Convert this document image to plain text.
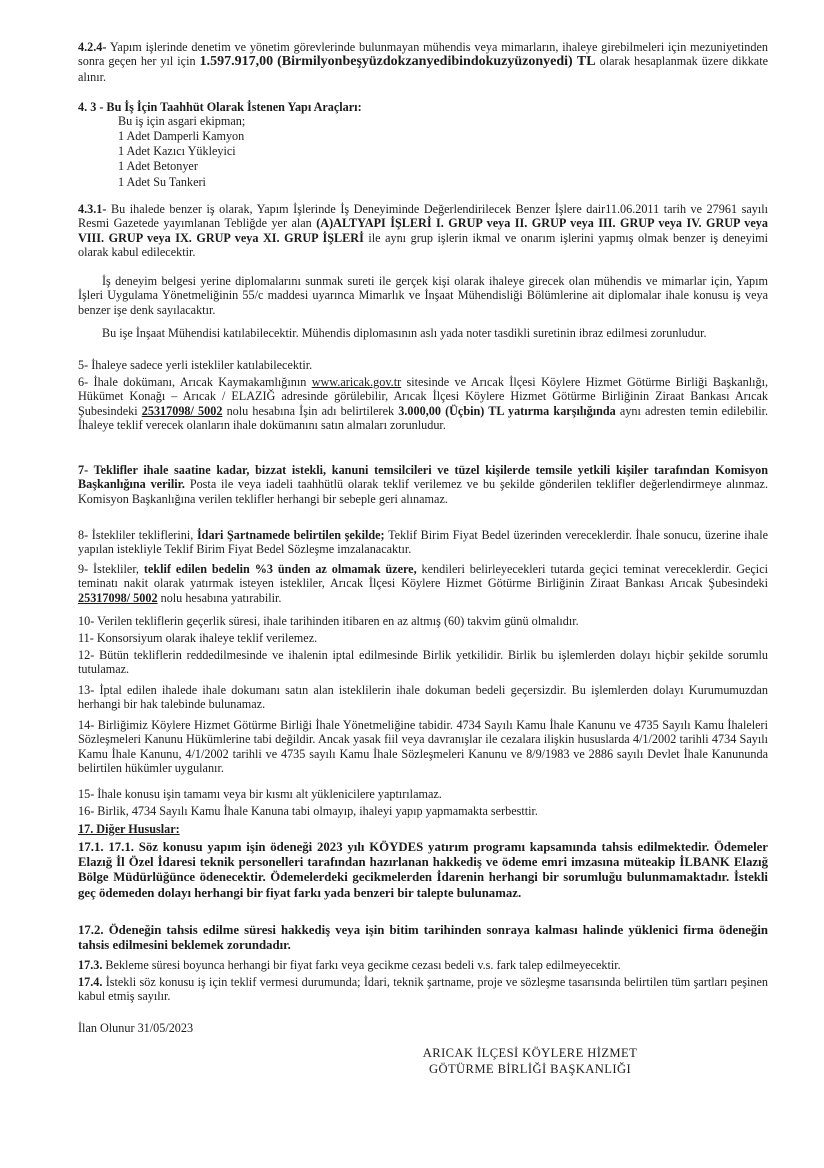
4.2.4- Yapım işlerinde denetim ve yönetim görevlerinde bulunmayan mühendis veya mimarların, ihaleye girebilmeleri için mezuniyetinden sonra geçen her yıl için 1.597.917,00 (Birmilyonbeşyüzdokzanyedibindokuzyüzonyedi) TL olarak hesaplanmak üzere dikkate alınır.
4. 3 - Bu İş İçin Taahhüt Olarak İstenen Yapı Araçları:
Bu iş için asgari ekipman;
1 Adet Damperli Kamyon
1 Adet Kazıcı Yükleyici
1 Adet Betonyer
1 Adet Su Tankeri
4.3.1- Bu ihalede benzer iş olarak, Yapım İşlerinde İş Deneyiminde Değerlendirilecek Benzer İşlere dair11.06.2011 tarih ve 27961 sayılı Resmi Gazetede yayımlanan Tebliğde yer alan (A)ALTYAPI İŞLERİ I. GRUP veya II. GRUP veya III. GRUP veya IV. GRUP veya VIII. GRUP veya IX. GRUP veya XI. GRUP İŞLERİ ile aynı grup işlerin ikmal ve onarım işlerini yapmış olmak benzer iş deneyimi olarak kabul edilecektir.
İş deneyim belgesi yerine diplomalarını sunmak sureti ile gerçek kişi olarak ihaleye girecek olan mühendis ve mimarlar için, Yapım İşleri Uygulama Yönetmeliğinin 55/c maddesi uyarınca Mimarlık ve İnşaat Mühendisliği Bölümlerine ait diplomalar ihale konusu iş veya benzer işe denk sayılacaktır.
Bu işe İnşaat Mühendisi katılabilecektir. Mühendis diplomasının aslı yada noter tasdikli suretinin ibraz edilmesi zorunludur.
5- İhaleye sadece yerli istekliler katılabilecektir.
6- İhale dokümanı, Arıcak Kaymakamlığının www.aricak.gov.tr sitesinde ve Arıcak İlçesi Köylere Hizmet Götürme Birliği Başkanlığı, Hükümet Konağı – Arıcak / ELAZIĞ adresinde görülebilir, Arıcak İlçesi Köylere Hizmet Götürme Birliğinin Ziraat Bankası Arıcak Şubesindeki 25317098/ 5002 nolu hesabına İşin adı belirtilerek 3.000,00 (Üçbin) TL yatırma karşılığında aynı adresten temin edilebilir. İhaleye teklif verecek olanların ihale dokümanını satın almaları zorunludur.
7- Teklifler ihale saatine kadar, bizzat istekli, kanuni temsilcileri ve tüzel kişilerde temsile yetkili kişiler tarafından Komisyon Başkanlığına verilir. Posta ile veya iadeli taahhütlü olarak teklif verilemez ve bu şekilde gönderilen teklifler değerlendirmeye alınmaz. Komisyon Başkanlığına verilen teklifler herhangi bir sebeple geri alınamaz.
8- İstekliler tekliflerini, İdari Şartnamede belirtilen şekilde; Teklif Birim Fiyat Bedel üzerinden vereceklerdir. İhale sonucu, üzerine ihale yapılan istekliyle Teklif Birim Fiyat Bedel Sözleşme imzalanacaktır.
9- İstekliler, teklif edilen bedelin %3 ünden az olmamak üzere, kendileri belirleyecekleri tutarda geçici teminat vereceklerdir. Geçici teminatı nakit olarak yatırmak isteyen istekliler, Arıcak İlçesi Köylere Hizmet Götürme Birliğinin Ziraat Bankası Arıcak Şubesindeki 25317098/ 5002 nolu hesabına yatırabilir.
10- Verilen tekliflerin geçerlik süresi, ihale tarihinden itibaren en az altmış (60) takvim günü olmalıdır.
11- Konsorsiyum olarak ihaleye teklif verilemez.
12- Bütün tekliflerin reddedilmesinde ve ihalenin iptal edilmesinde Birlik yetkilidir. Birlik bu işlemlerden dolayı hiçbir şekilde sorumlu tutulamaz.
13- İptal edilen ihalede ihale dokumanı satın alan isteklilerin ihale dokuman bedeli geçersizdir. Bu işlemlerden dolayı Kurumumuzdan herhangi bir hak talebinde bulunamaz.
14- Birliğimiz Köylere Hizmet Götürme Birliği İhale Yönetmeliğine tabidir. 4734 Sayılı Kamu İhale Kanunu ve 4735 Sayılı Kamu İhaleleri Sözleşmeleri Kanunu Hükümlerine tabi değildir. Ancak yasak fiil veya davranışlar ile cezalara ilişkin hususlarda 4/1/2002 tarihli 4734 Sayılı Kamu İhale Kanunu, 4/1/2002 tarihli ve 4735 sayılı Kamu İhale Sözleşmeleri Kanunu ve 8/9/1983 ve 2886 sayılı Devlet İhale Kanununda belirtilen hükümler uygulanır.
15- İhale konusu işin tamamı veya bir kısmı alt yüklenicilere yaptırılamaz.
16- Birlik, 4734 Sayılı Kamu İhale Kanuna tabi olmayıp, ihaleyi yapıp yapmamakta serbesttir.
17. Diğer Hususlar:
17.1. 17.1. Söz konusu yapım işin ödeneği 2023 yılı KÖYDES yatırım programı kapsamında tahsis edilmektedir. Ödemeler Elazığ İl Özel İdaresi teknik personelleri tarafından hazırlanan hakkediş ve ödeme emri imzasına müteakip İLBANK Elazığ Bölge Müdürlüğünce ödenecektir. Ödemelerdeki gecikmelerden İdarenin herhangi bir sorumluğu bulunmamaktadır. İstekli geç ödemeden dolayı herhangi bir fiyat farkı yada benzeri bir talepte bulunamaz.
17.2. Ödeneğin tahsis edilme süresi hakkediş veya işin bitim tarihinden sonraya kalması halinde yüklenici firma ödeneğin tahsis edilmesini beklemek zorundadır.
17.3. Bekleme süresi boyunca herhangi bir fiyat farkı veya gecikme cezası bedeli v.s. fark talep edilmeyecektir.
17.4. İstekli söz konusu iş için teklif vermesi durumunda; İdari, teknik şartname, proje ve sözleşme tasarısında belirtilen tüm şartları peşinen kabul etmiş sayılır.
İlan Olunur 31/05/2023
ARICAK İLÇESİ KÖYLERE HİZMET
GÖTÜRME BİRLİĞİ BAŞKANLIĞI
